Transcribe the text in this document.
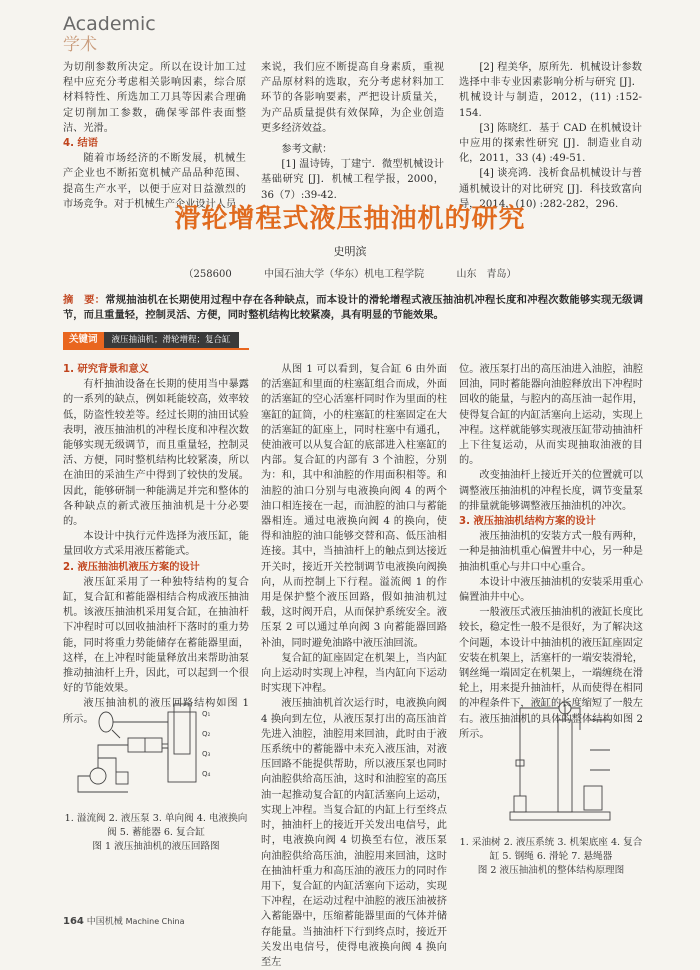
Academic
学术

为切削参数所决定。所以在设计加工过程中应充分考虑相关影响因素，综合原材料特性、所选加工刀具等因素合理确定切削加工参数，确保零部件表面整洁、光滑。

4. 结语

随着市场经济的不断发展，机械生产企业也不断拓宽机械产品品种范围、提高生产水平，以便于应对日益激烈的市场竞争。对于机械生产企业设计人员

来说，我们应不断提高自身素质，重视产品原材料的选取，充分考虑材料加工环节的各影响要素，严把设计质量关，为产品质量提供有效保障，为企业创造更多经济效益。

参考文献：

[1] 温诗铸，丁建宁．微型机械设计基础研究 [J]．机械工程学报，2000，36（7）:39-42.

[2] 程美华，原所先．机械设计参数选择中非专业因素影响分析与研究 [J]．机械设计与制造，2012，(11) :152-154.

[3] 陈晓红．基于 CAD 在机械设计中应用的探索性研究 [J]．制造业自动化，2011，33 (4) :49-51.

[4] 谈亮鸿．浅析食品机械设计与普通机械设计的对比研究 [J]．科技致富向导，2014，(10) :282-282，296.

滑轮增程式液压抽油机的研究
史明滨
（258600	中国石油大学（华东）机电工程学院	山东　青岛）
摘　要：常规抽油机在长期使用过程中存在各种缺点，而本设计的滑轮增程式液压抽油机冲程长度和冲程次数能够实现无级调节，而且重量轻，控制灵活、方便，同时整机结构比较紧凑，具有明显的节能效果。
关键词	液压抽油机；滑轮增程；复合缸
1. 研究背景和意义

有杆抽油设备在长期的使用当中暴露的一系列的缺点，例如耗能较高，效率较低，防盗性较差等。经过长期的油田试验表明，液压抽油机的冲程长度和冲程次数能够实现无级调节，而且重量轻，控制灵活、方便，同时整机结构比较紧凑，所以在油田的采油生产中得到了较快的发展。因此，能够研制一种能满足并完和整体的各种缺点的新式液压抽油机是十分必要的。

本设计中执行元件选择为液压缸，能量回收方式采用液压蓄能式。

2. 液压抽油机液压方案的设计

液压缸采用了一种独特结构的复合缸，复合缸和蓄能器相结合构成液压抽油机。该液压抽油机采用复合缸，在抽油杆下冲程时可以回收抽油杆下落时的重力势能，同时将重力势能储存在蓄能器里面，这样，在上冲程时能量释放出来帮助油泵推动抽油杆上升，因此，可以起到一个很好的节能效果。

液压抽油机的液压回路结构如图 1 所示。	Q₁
Q₂
Q₃
Q₄

1. 溢流阀 2. 液压泵 3. 单向阀 4. 电液换向阀 5. 蓄能器 6. 复合缸

图 1 液压抽油机的液压回路图

从图 1 可以看到，复合缸 6 由外面的活塞缸和里面的柱塞缸组合而成，外面的活塞缸的空心活塞杆同时作为里面的柱塞缸的缸筒，小的柱塞缸的柱塞固定在大的活塞缸的缸座上，同时柱塞中有通孔，使油液可以从复合缸的底部进入柱塞缸的内部。复合缸的内部有 3 个油腔，分别为：和，其中和油腔的作用面积相等。和油腔的油口分别与电液换向阀 4 的两个油口相连接在一起，而油腔的油口与蓄能器相连。通过电液换向阀 4 的换向，使得和油腔的油口能够交替和高、低压油相连接。其中，当抽油杆上的触点到达接近开关时，接近开关控制调节电液换向阀换向，从而控制上下行程。溢流阀 1 的作用是保护整个液压回路，假如抽油机过载，这时阀开启，从而保护系统安全。液压泵 2 可以通过单向阀 3 向蓄能器回路补油，同时避免油路中液压油回流。

复合缸的缸座固定在机架上，当内缸向上运动时实现上冲程，当内缸向下运动时实现下冲程。

液压抽油机首次运行时，电液换向阀 4 换向到左位，从液压泵打出的高压油首先进入油腔，油腔用来回油，此时由于液压系统中的蓄能器中未充入液压油，对液压回路不能提供帮助，所以液压泵也同时向油腔供给高压油，这时和油腔室的高压油一起推动复合缸的内缸活塞向上运动，实现上冲程。当复合缸的内缸上行至终点时，抽油杆上的接近开关发出电信号，此时，电液换向阀 4 切换至右位，液压泵向油腔供给高压油，油腔用来回油，这时在抽油杆重力和高压油的液压力的同时作用下，复合缸的内缸活塞向下运动，实现下冲程，在运动过程中油腔的液压油被挤入蓄能器中，压缩蓄能器里面的气体并储存能量。当抽油杆下行到终点时，接近开关发出电信号，使得电液换向阀 4 换向至左

位。液压泵打出的高压油进入油腔，油腔回油，同时蓄能器向油腔释放出下冲程时回收的能量，与腔内的高压油一起作用，使得复合缸的内缸活塞向上运动，实现上冲程。这样就能够实现液压缸带动抽油杆上下往复运动，从而实现抽取油液的目的。

改变抽油杆上接近开关的位置就可以调整液压抽油机的冲程长度，调节变量泵的排量就能够调整液压抽油机的冲次。

3. 液压抽油机结构方案的设计

液压抽油机的安装方式一般有两种，一种是抽油机重心偏置井中心，另一种是抽油机重心与井口中心重合。

本设计中液压抽油机的安装采用重心偏置油井中心。

一般液压式液压抽油机的液缸长度比较长，稳定性一般不是很好，为了解决这个问题，本设计中抽油机的液压缸座固定安装在机架上，活塞杆的一端安装滑轮，钢丝绳一端固定在机架上，一端缠绕在滑轮上，用来提升抽油杆，从而使得在相同的冲程条件下，液缸的长度缩短了一般左右。液压抽油机的具体的整体结构如图 2 所示。

1. 采油树 2. 液压系统 3. 机架底座 4. 复合缸 5. 钢绳 6. 滑轮 7. 悬绳器

图 2 液压抽油机的整体结构原理图

164 中国机械 Machine China
